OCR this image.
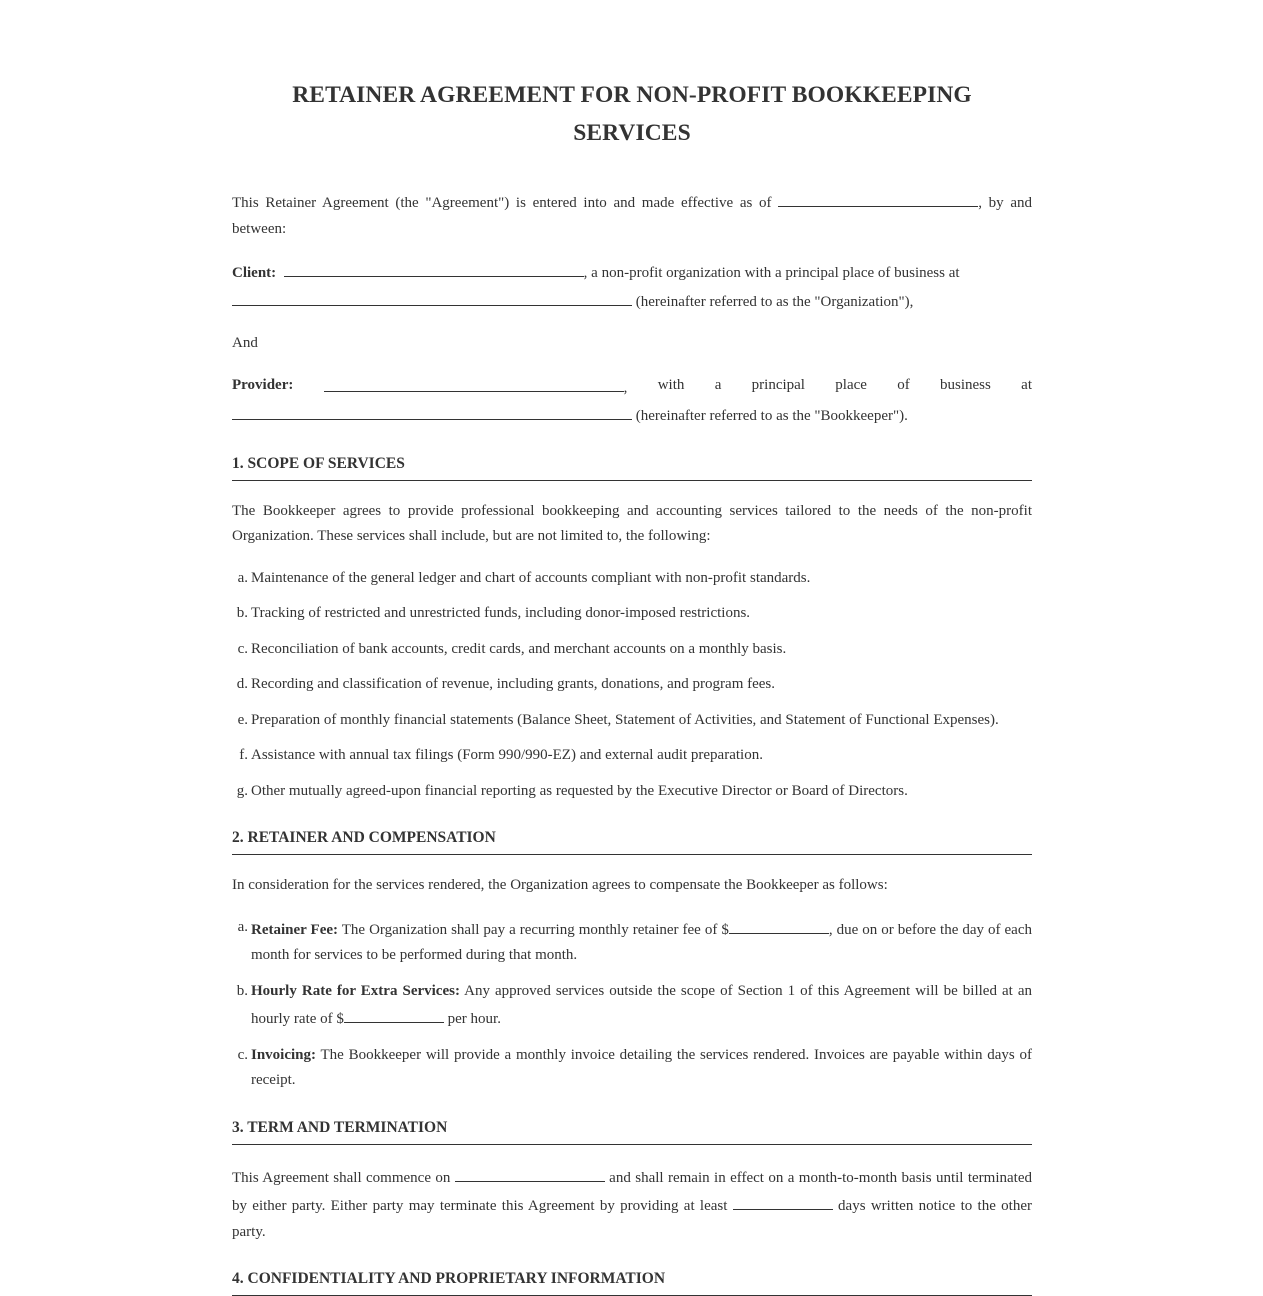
RETAINER AGREEMENT FOR NON-PROFIT BOOKKEEPING SERVICES

This Retainer Agreement (the "Agreement") is entered into and made effective as of	, by and between:

Client:	, a non-profit organization with a principal place of business at
(hereinafter referred to as the "Organization"),

And

Provider:	, with a principal place of business at
(hereinafter referred to as the "Bookkeeper").
1. SCOPE OF SERVICES

The Bookkeeper agrees to provide professional bookkeeping and accounting services tailored to the needs of the non-profit Organization. These services shall include, but are not limited to, the following:

a. Maintenance of the general ledger and chart of accounts compliant with non-profit standards.
b. Tracking of restricted and unrestricted funds, including donor-imposed restrictions.
c. Reconciliation of bank accounts, credit cards, and merchant accounts on a monthly basis.
d. Recording and classification of revenue, including grants, donations, and program fees.
e. Preparation of monthly financial statements (Balance Sheet, Statement of Activities, and Statement of Functional Expenses).
f. Assistance with annual tax filings (Form 990/990-EZ) and external audit preparation.
g. Other mutually agreed-upon financial reporting as requested by the Executive Director or Board of Directors.
2. RETAINER AND COMPENSATION

In consideration for the services rendered, the Organization agrees to compensate the Bookkeeper as follows:

a. Retainer Fee: The Organization shall pay a recurring monthly retainer fee of $	, due on or before the day of each month for services to be performed during that month.
b. Hourly Rate for Extra Services: Any approved services outside the scope of Section 1 of this Agreement will be billed at an hourly rate of $	per hour.
c. Invoicing: The Bookkeeper will provide a monthly invoice detailing the services rendered. Invoices are payable within days of receipt.
3. TERM AND TERMINATION

This Agreement shall commence on	and shall remain in effect on a month-to-month basis until terminated by either party. Either party may terminate this Agreement by providing at least	days written notice to the other party.

4. CONFIDENTIALITY AND PROPRIETARY INFORMATION
